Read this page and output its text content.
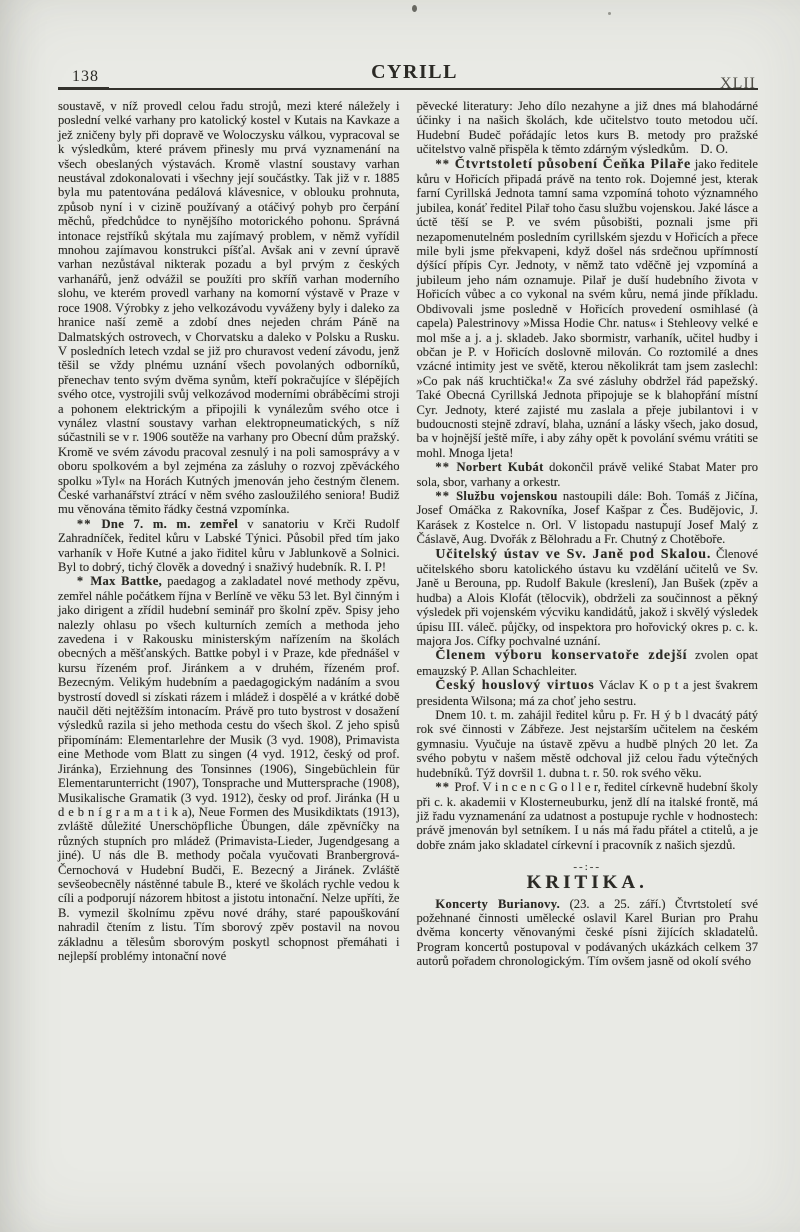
138	CYRILL
XLII

soustavě, v níž provedl celou řadu strojů, mezi které náležely i poslední velké varhany pro katolický kostel v Kutais na Kavkaze a jež zničeny byly při dopravě ve Woloczysku válkou, vypracoval se k výsledkům, které právem přinesly mu prvá vyznamenání na všech obeslaných výstavách. Kromě vlastní soustavy varhan neustával zdokonalovati i všechny její součástky. Tak již v r. 1885 byla mu patentována pedálová klávesnice, v oblouku prohnuta, způsob nyní i v cizině používaný a otáčivý pohyb pro čerpání měchů, předchůdce to nynějšího motorického pohonu. Správná intonace rejstříků skýtala mu zajímavý problem, v němž vyřídil mnohou zajímavou konstrukci píšťal. Avšak ani v zevní úpravě varhan nezůstával nikterak pozadu a byl prvým z českých varhanářů, jenž odvážil se použíti pro skříň varhan moderního slohu, ve kterém provedl varhany na komorní výstavě v Praze v roce 1908. Výrobky z jeho velkozávodu vyváženy byly i daleko za hranice naší země a zdobí dnes nejeden chrám Páně na Dalmatských ostrovech, v Chorvatsku a daleko v Polsku a Rusku. V posledních letech vzdal se již pro churavost vedení závodu, jenž těšil se vždy plnému uznání všech povolaných odborníků, přenechav tento svým dvěma synům, kteří pokračujíce v šlépějích svého otce, vystrojili svůj velkozávod moderními obráběcími stroji a pohonem elektrickým a připojili k vynálezům svého otce i vynález vlastní soustavy varhan elektropneumatických, s níž súčastnili se v r. 1906 soutěže na varhany pro Obecní dům pražský. Kromě ve svém závodu pracoval zesnulý i na poli samosprávy a v oboru spolkovém a byl zejména za zásluhy o rozvoj zpěváckého spolku »Tyl« na Horách Kutných jmenován jeho čestným členem. České varhanářství ztrácí v něm svého zasloužilého seniora! Budiž mu věnována těmito řádky čestná vzpomínka.

** Dne 7. m. m. zemřel v sanatoriu v Krči Rudolf Zahradníček, ředitel kůru v Labské Týnici. Působil před tím jako varhaník v Hoře Kutné a jako řiditel kůru v Jablunkově a Solnici. Byl to dobrý, tichý člověk a dovedný i snaživý hudebník. R. I. P!

* Max Battke, paedagog a zakladatel nové methody zpěvu, zemřel náhle počátkem října v Berlíně ve věku 53 let. Byl činným i jako dirigent a zřídil hudební seminář pro školní zpěv. Spisy jeho nalezly ohlasu po všech kulturních zemích a methoda jeho zavedena i v Rakousku ministerským nařízením na školách obecných a měšťanských. Battke pobyl i v Praze, kde přednášel v kursu řízeném prof. Jiránkem a v druhém, řízeném prof. Bezecným. Velikým hudebním a paedagogickým nadáním a svou bystrostí dovedl si získati rázem i mládež i dospělé a v krátké době naučil děti nejtěžším intonacím. Právě pro tuto bystrost v dosažení výsledků razila si jeho methoda cestu do všech škol. Z jeho spisů připomínám: Elementarlehre der Musik (3 vyd. 1908), Primavista eine Methode vom Blatt zu singen (4 vyd. 1912, český od prof. Jiránka), Erziehnung des Tonsinnes (1906), Singebüchlein für Elementarunterricht (1907), Tonsprache und Muttersprache (1908), Musikalische Gramatik (3 vyd. 1912), česky od prof. Jiránka (H u d e b n í g r a m a t i k a), Neue Formen des Musikdiktats (1913), zvláště důležité Unerschöpfliche Übungen, dále zpěvníčky na různých stupních pro mládež (Primavista-Lieder, Jugendgesang a jiné). U nás dle B. methody počala vyučovati Branbergrová-Černochová v Hudební Budči, E. Bezecný a Jiránek. Zvláště sevšeobecněly nástěnné tabule B., které ve školách rychle vedou k cíli a podporují názorem hbitost a jistotu intonační. Nelze upříti, že B. vymezil školnímu zpěvu nové dráhy, staré papouškování nahradil čtením z listu. Tím sborový zpěv postavil na novou základnu a tělesům sborovým poskytl schopnost přemáhati i nejlepší problémy intonační nové

pěvecké literatury: Jeho dílo nezahyne a již dnes má blahodárné účinky i na našich školách, kde učitelstvo touto metodou učí. Hudební Budeč pořádajíc letos kurs B. metody pro pražské učitelstvo valně přispěla k těmto zdárným výsledkům. D. O.

** Čtvrtstoletí působení Čeňka Pilaře jako ředitele kůru v Hořicích připadá právě na tento rok. Dojemné jest, kterak farní Cyrillská Jednota tamní sama vzpomíná tohoto významného jubilea, konáť ředitel Pilař toho času službu vojenskou. Jaké lásce a úctě těší se P. ve svém působišti, poznali jsme při nezapomenutelném posledním cyrillském sjezdu v Hořicích a přece mile byli jsme překvapeni, když došel nás srdečnou upřímností dýšící přípis Cyr. Jednoty, v němž tato vděčně jej vzpomíná a jubileum jeho nám oznamuje. Pilař je duší hudebního života v Hořicích vůbec a co vykonal na svém kůru, nemá jinde příkladu. Obdivovali jsme posledně v Hořicích provedení osmihlasé (à capela) Palestrinovy »Missa Hodie Chr. natus« i Stehleovy velké e mol mše a j. a j. skladeb. Jako sbormistr, varhaník, učitel hudby i občan je P. v Hořicích doslovně milován. Co roztomilé a dnes vzácné intimity jest ve světě, kterou několikrát tam jsem zaslechl: »Co pak náš kruchtička!« Za své zásluhy obdržel řád papežský. Také Obecná Cyrillská Jednota připojuje se k blahopřání místní Cyr. Jednoty, které zajisté mu zaslala a přeje jubilantovi i v budoucnosti stejně zdraví, blaha, uznání a lásky všech, jako dosud, ba v hojnější ještě míře, i aby záhy opět k povolání svému vrátiti se mohl. Mnoga ljeta!

** Norbert Kubát dokončil právě veliké Stabat Mater pro sola, sbor, varhany a orkestr.

** Službu vojenskou nastoupili dále: Boh. Tomáš z Jičína, Josef Omáčka z Rakovníka, Josef Kašpar z Čes. Budějovic, J. Karásek z Kostelce n. Orl. V listopadu nastupují Josef Malý z Čáslavě, Aug. Dvořák z Bělohradu a Fr. Chutný z Chotěboře.

Učitelský ústav ve Sv. Janě pod Skalou. Členové učitelského sboru katolického ústavu ku vzdělání učitelů ve Sv. Janě u Berouna, pp. Rudolf Bakule (kreslení), Jan Bušek (zpěv a hudba) a Alois Klofát (tělocvik), obdrželi za součinnost a pěkný výsledek při vojenském výcviku kandidátů, jakož i skvělý výsledek úpisu III. váleč. půjčky, od inspektora pro hořovický okres p. c. k. majora Jos. Cífky pochvalné uznání.

Členem výboru konservatoře zdejší zvolen opat emauzský P. Allan Schachleiter.

Český houslový virtuos Václav K o p t a jest švakrem presidenta Wilsona; má za choť jeho sestru.

Dnem 10. t. m. zahájil ředitel kůru p. Fr. H ý b l dvacátý pátý rok své činnosti v Zábřeze. Jest nejstarším učitelem na českém gymnasiu. Vyučuje na ústavě zpěvu a hudbě plných 20 let. Za svého pobytu v našem městě odchoval již celou řadu výtečných hudebníků. Týž dovršil 1. dubna t. r. 50. rok svého věku.

** Prof. V i n c e n c G o l l e r, ředitel církevně hudební školy při c. k. akademii v Klosterneuburku, jenž dlí na italské frontě, má již řadu vyznamenání za udatnost a postupuje rychle v hodnostech: právě jmenován byl setníkem. I u nás má řadu přátel a ctitelů, a je dobře znám jako skladatel církevní i pracovník z našich sjezdů.

--:--
KRITIKA.

Koncerty Burianovy. (23. a 25. září.) Čtvrtstoletí své požehnané činnosti umělecké oslavil Karel Burian pro Prahu dvěma koncerty věnovanými české písni žijících skladatelů. Program koncertů postupoval v podávaných ukázkách celkem 37 autorů pořadem chronologickým. Tím ovšem jasně od okolí svého
